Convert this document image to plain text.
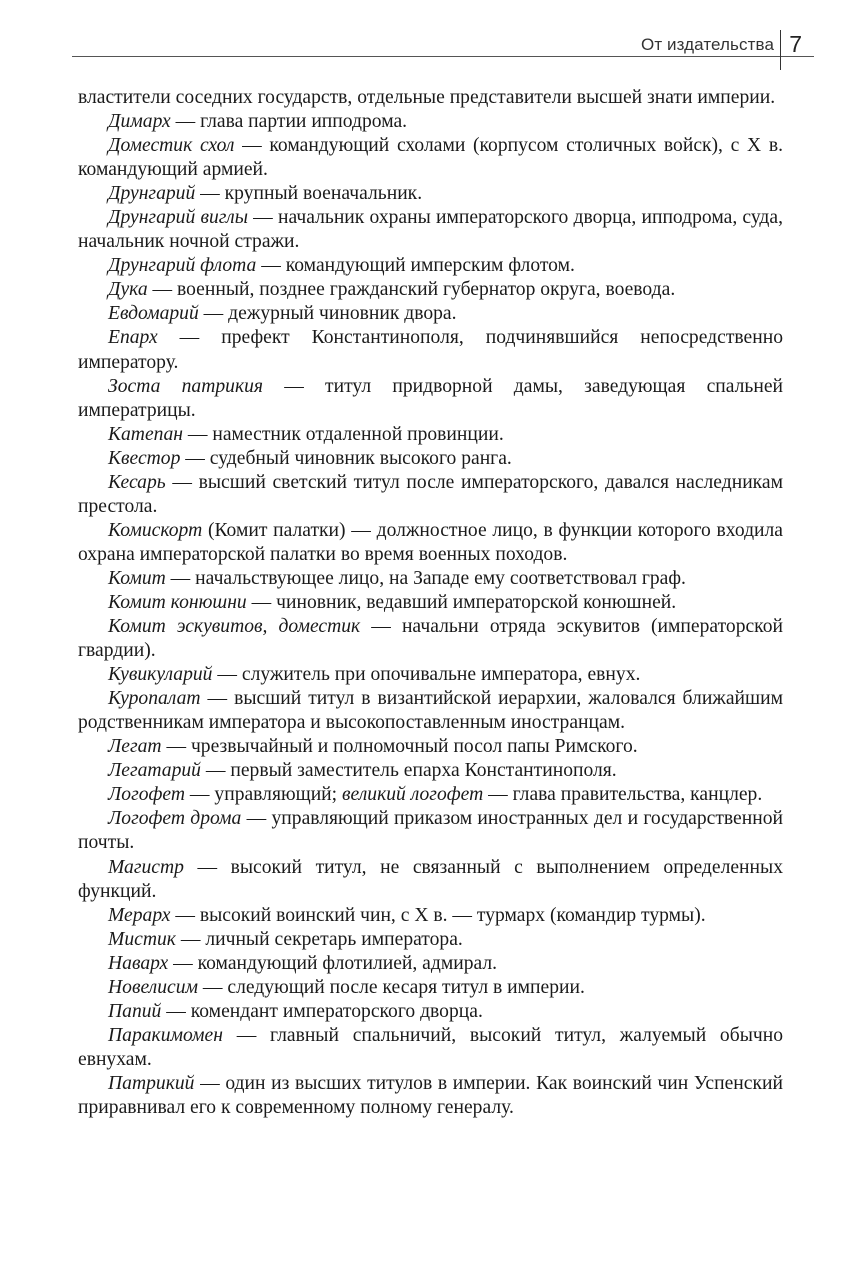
От издательства 7

властители соседних государств, отдельные представители высшей знати империи.

Димарх — глава партии ипподрома.

Доместик схол — командующий схолами (корпусом столичных войск), с Х в. командующий армией.

Друнгарий — крупный военачальник.

Друнгарий виглы — начальник охраны императорского дворца, ипподрома, суда, начальник ночной стражи.

Друнгарий флота — командующий имперским флотом.

Дука — военный, позднее гражданский губернатор округа, воевода.

Евдомарий — дежурный чиновник двора.

Епарх — префект Константинополя, подчинявшийся непосредственно императору.

Зоста патрикия — титул придворной дамы, заведующая спальней императрицы.

Катепан — наместник отдаленной провинции.

Квестор — судебный чиновник высокого ранга.

Кесарь — высший светский титул после императорского, давался наследникам престола.

Комискорт (Комит палатки) — должностное лицо, в функции которого входила охрана императорской палатки во время военных походов.

Комит — начальствующее лицо, на Западе ему соответствовал граф.

Комит конюшни — чиновник, ведавший императорской конюшней.

Комит эскувитов, доместик — начальни отряда эскувитов (императорской гвардии).

Кувикуларий — служитель при опочивальне императора, евнух.

Куропалат — высший титул в византийской иерархии, жаловался ближайшим родственникам императора и высокопоставленным иностранцам.

Легат — чрезвычайный и полномочный посол папы Римского.

Легатарий — первый заместитель епарха Константинополя.

Логофет — управляющий; великий логофет — глава правительства, канцлер.

Логофет дрома — управляющий приказом иностранных дел и государственной почты.

Магистр — высокий титул, не связанный с выполнением определенных функций.

Мерарх — высокий воинский чин, с Х в. — турмарх (командир турмы).

Мистик — личный секретарь императора.

Наварх — командующий флотилией, адмирал.

Новелисим — следующий после кесаря титул в империи.

Папий — комендант императорского дворца.

Паракимомен — главный спальничий, высокий титул, жалуемый обычно евнухам.

Патрикий — один из высших титулов в империи. Как воинский чин Успенский приравнивал его к современному полному генералу.
